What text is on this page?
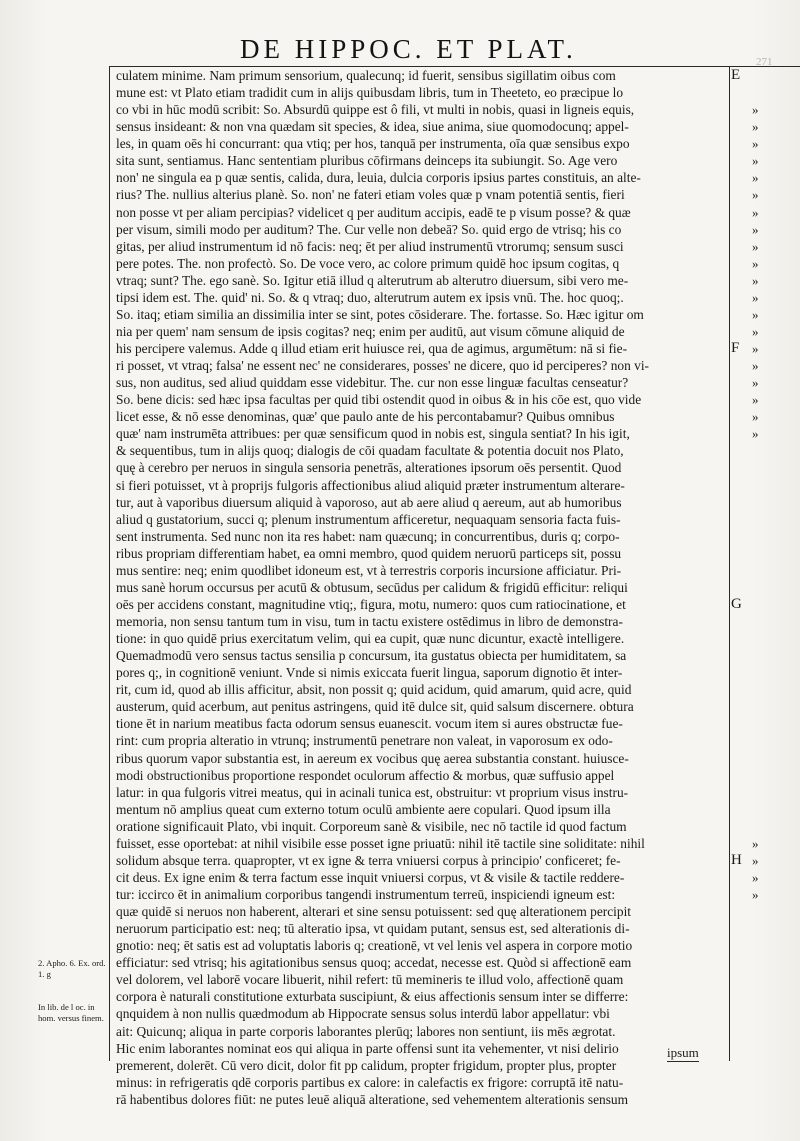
DE HIPPOC. ET PLAT.	271
culatem minime. Nam primum sensorium, qualecunq; id fuerit, sensibus sigillatim oibus com
mune est: vt Plato etiam tradidit cum in alijs quibusdam libris, tum in Theeteto, eo præcipue lo
co vbi in hūc modū scribit: So. Absurdū quippe est ô fili, vt multi in nobis, quasi in ligneis equis,
sensus insideant: & non vna quædam sit species, & idea, siue anima, siue quomodocunq; appel-
les, in quam oēs hi concurrant: qua vtiq; per hos, tanquā per instrumenta, oīa quæ sensibus expo
sita sunt, sentiamus. Hanc sententiam pluribus cōfirmans deinceps ita subiungit. So. Age vero
non' ne singula ea p quæ sentis, calida, dura, leuia, dulcia corporis ipsius partes constituis, an alte-
rius? The. nullius alterius planè. So. non' ne fateri etiam voles quæ p vnam potentiā sentis, fieri
non posse vt per aliam percipias? videlicet q per auditum accipis, eadē te p visum posse? & quæ
per visum, simili modo per auditum? The. Cur velle non debeā? So. quid ergo de vtrisq; his co
gitas, per aliud instrumentum id nō facis: neq; ēt per aliud instrumentū vtrorumq; sensum susci
pere potes. The. non profectò. So. De voce vero, ac colore primum quidē hoc ipsum cogitas, q
vtraq; sunt? The. ego sanè. So. Igitur etiā illud q alterutrum ab alterutro diuersum, sibi vero me-
tipsi idem est. The. quid' ni. So. & q vtraq; duo, alterutrum autem ex ipsis vnū. The. hoc quoq;.
So. itaq; etiam similia an dissimilia inter se sint, potes cōsiderare. The. fortasse. So. Hæc igitur om
nia per quem' nam sensum de ipsis cogitas? neq; enim per auditū, aut visum cōmune aliquid de
his percipere valemus. Adde q illud etiam erit huiusce rei, qua de agimus, argumētum: nā si fie-
ri posset, vt vtraq; falsa' ne essent nec' ne considerares, posses' ne dicere, quo id perciperes? non vi-
sus, non auditus, sed aliud quiddam esse videbitur. The. cur non esse linguæ facultas censeatur?
So. bene dicis: sed hæc ipsa facultas per quid tibi ostendit quod in oibus & in his cōe est, quo vide
licet esse, & nō esse denominas, quæ' que paulo ante de his percontabamur? Quibus omnibus
quæ' nam instrumēta attribues: per quæ sensificum quod in nobis est, singula sentiat? In his igit,
& sequentibus, tum in alijs quoq; dialogis de cōi quadam facultate & potentia docuit nos Plato,
quę à cerebro per neruos in singula sensoria penetrās, alterationes ipsorum oēs persentit. Quod
si fieri potuisset, vt à proprijs fulgoris affectionibus aliud aliquid præter instrumentum alterare-
tur, aut à vaporibus diuersum aliquid à vaporoso, aut ab aere aliud q aereum, aut ab humoribus
aliud q gustatorium, succi q; plenum instrumentum afficeretur, nequaquam sensoria facta fuis-
sent instrumenta. Sed nunc non ita res habet: nam quæcunq; in concurrentibus, duris q; corpo-
ribus propriam differentiam habet, ea omni membro, quod quidem neruorū particeps sit, possu
mus sentire: neq; enim quodlibet idoneum est, vt à terrestris corporis incursione afficiatur. Pri-
mus sanè horum occursus per acutū & obtusum, secūdus per calidum & frigidū efficitur: reliqui
oēs per accidens constant, magnitudine vtiq;, figura, motu, numero: quos cum ratiocinatione, et
memoria, non sensu tantum tum in visu, tum in tactu existere ostēdimus in libro de demonstra-
tione: in quo quidē prius exercitatum velim, qui ea cupit, quæ nunc dicuntur, exactè intelligere.
Quemadmodū vero sensus tactus sensilia p concursum, ita gustatus obiecta per humiditatem, sa
pores q;, in cognitionē veniunt. Vnde si nimis exiccata fuerit lingua, saporum dignotio ēt inter-
rit, cum id, quod ab illis afficitur, absit, non possit q; quid acidum, quid amarum, quid acre, quid
austerum, quid acerbum, aut penitus astringens, quid itē dulce sit, quid salsum discernere. obtura
tione ēt in narium meatibus facta odorum sensus euanescit. vocum item si aures obstructæ fue-
rint: cum propria alteratio in vtrunq; instrumentū penetrare non valeat, in vaporosum ex odo-
ribus quorum vapor substantia est, in aereum ex vocibus quę aerea substantia constant. huiusce-
modi obstructionibus proportione respondet oculorum affectio & morbus, quæ suffusio appel
latur: in qua fulgoris vitrei meatus, qui in acinali tunica est, obstruitur: vt proprium visus instru-
mentum nō amplius queat cum externo totum oculū ambiente aere copulari. Quod ipsum illa
oratione significauit Plato, vbi inquit. Corporeum sanè & visibile, nec nō tactile id quod factum
fuisset, esse oportebat: at nihil visibile esse posset igne priuatū: nihil itē tactile sine soliditate: nihil
solidum absque terra. quapropter, vt ex igne & terra vniuersi corpus à principio' conficeret; fe-
cit deus. Ex igne enim & terra factum esse inquit vniuersi corpus, vt & visile & tactile reddere-
tur: iccirco ēt in animalium corporibus tangendi instrumentum terreū, inspiciendi igneum est:
quæ quidē si neruos non haberent, alterari et sine sensu potuissent: sed quę alterationem percipit
neruorum participatio est: neq; tū alteratio ipsa, vt quidam putant, sensus est, sed alterationis di-
gnotio: neq; ēt satis est ad voluptatis laboris q; creationē, vt vel lenis vel aspera in corpore motio
efficiatur: sed vtrisq; his agitationibus sensus quoq; accedat, necesse est. Quòd si affectionē eam
vel dolorem, vel laborē vocare libuerit, nihil refert: tū memineris te illud volo, affectionē quam
corpora è naturali constitutione exturbata suscipiunt, & eius affectionis sensum inter se differre:
qnquidem à non nullis quædmodum ab Hippocrate sensus solus interdū labor appellatur: vbi
ait: Quicunq; aliqua in parte corporis laborantes plerūq; labores non sentiunt, iis mēs ægrotat.
Hic enim laborantes nominat eos qui aliqua in parte offensi sunt ita vehementer, vt nisi delirio
premerent, dolerēt. Cū vero dicit, dolor fit pp calidum, propter frigidum, propter plus, propter
minus: in refrigeratis qdē corporis partibus ex calore: in calefactis ex frigore: corruptā itē natu-
rā habentibus dolores fiūt: ne putes leuē aliquā alteratione, sed vehementem alterationis sensum
E
»
»
»
»
»
»
»
»
»
»
»
»
»
»
F »
»
»
»
»
»
G
»
H »
»
»
2. Apho. 6. Ex. ord. 1. g
In lib. de l oc. in hom. versus finem.
ipsum
